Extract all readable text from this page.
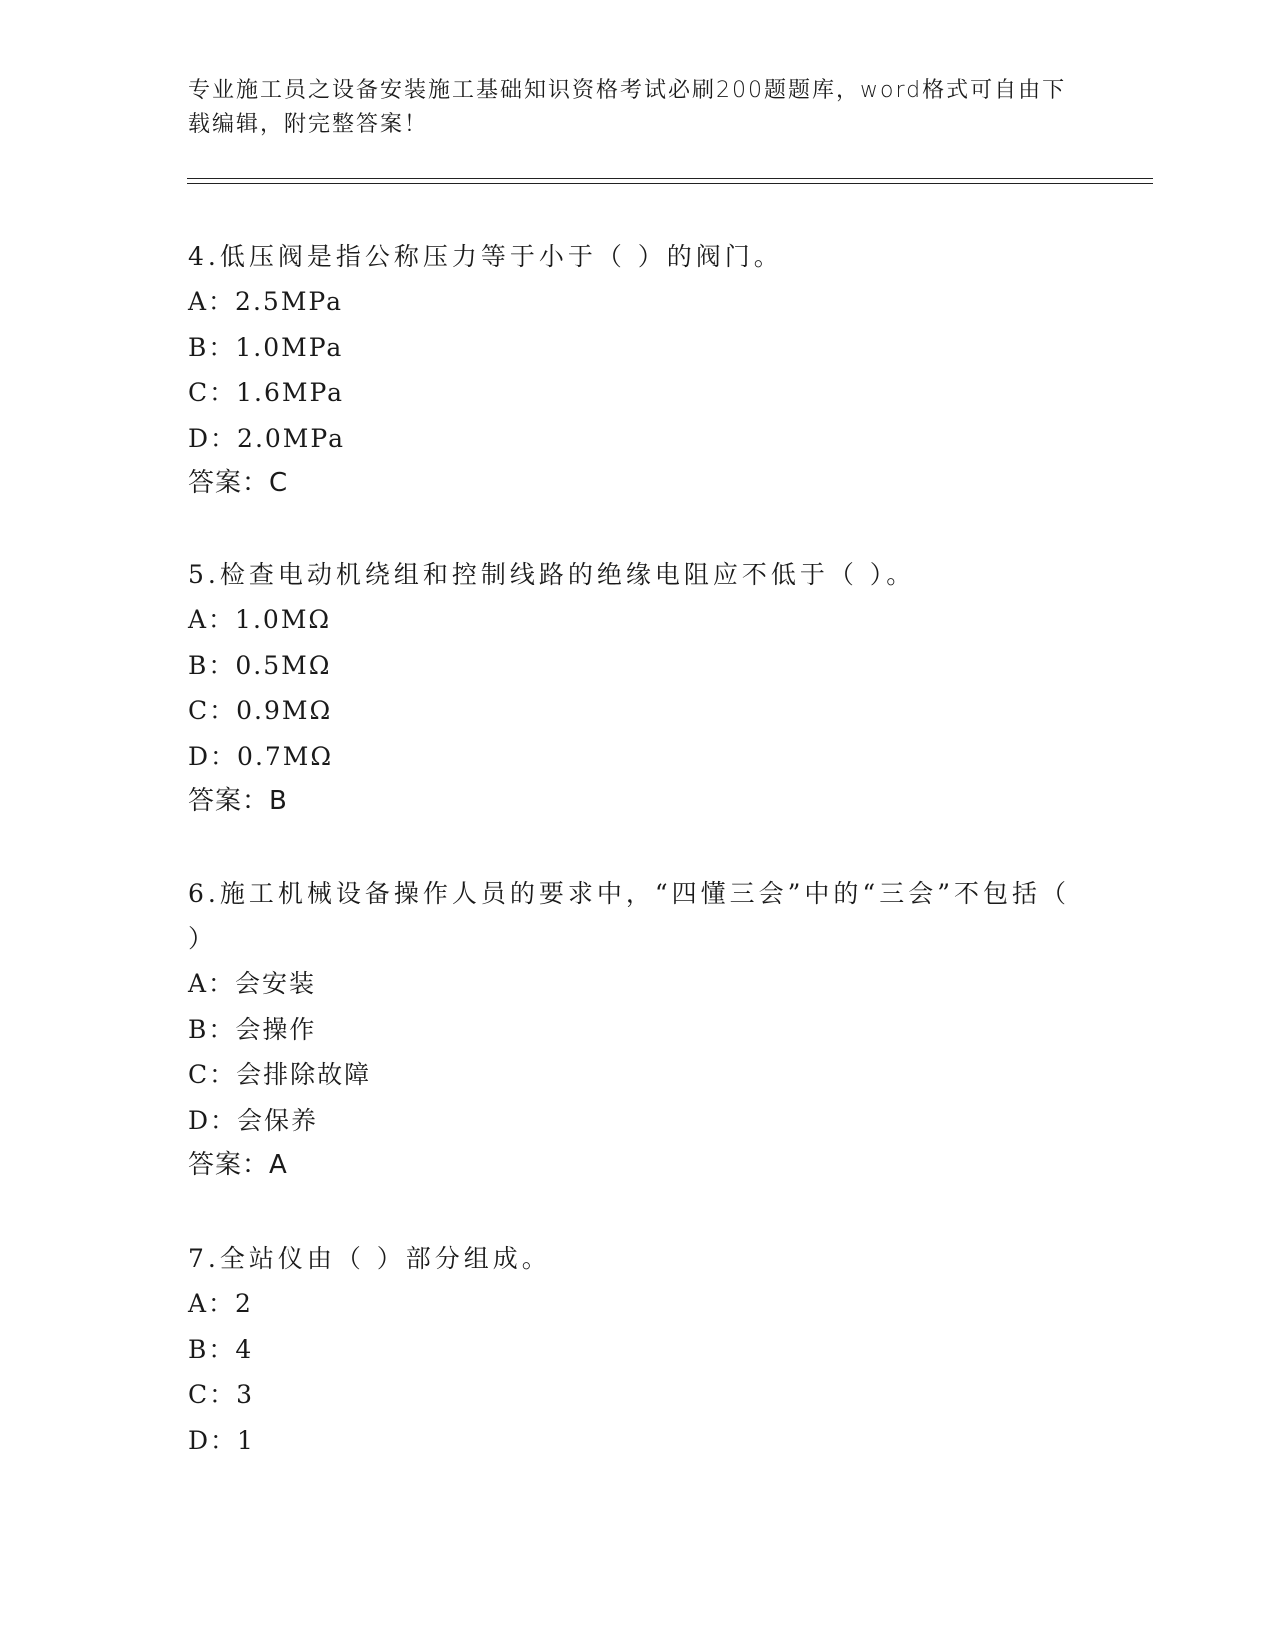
专业施工员之设备安装施工基础知识资格考试必刷200题题库，word格式可自由下载编辑，附完整答案！
4.低压阀是指公称压力等于小于（ ）的阀门。
A：2.5MPa
B：1.0MPa
C：1.6MPa
D：2.0MPa
答案：C
5.检查电动机绕组和控制线路的绝缘电阻应不低于（ ）。
A：1.0MΩ
B：0.5MΩ
C：0.9MΩ
D：0.7MΩ
答案：B
6.施工机械设备操作人员的要求中，“四懂三会”中的“三会”不包括（ ）
A：会安装
B：会操作
C：会排除故障
D：会保养
答案：A
7.全站仪由（ ）部分组成。
A：2
B：4
C：3
D：1
